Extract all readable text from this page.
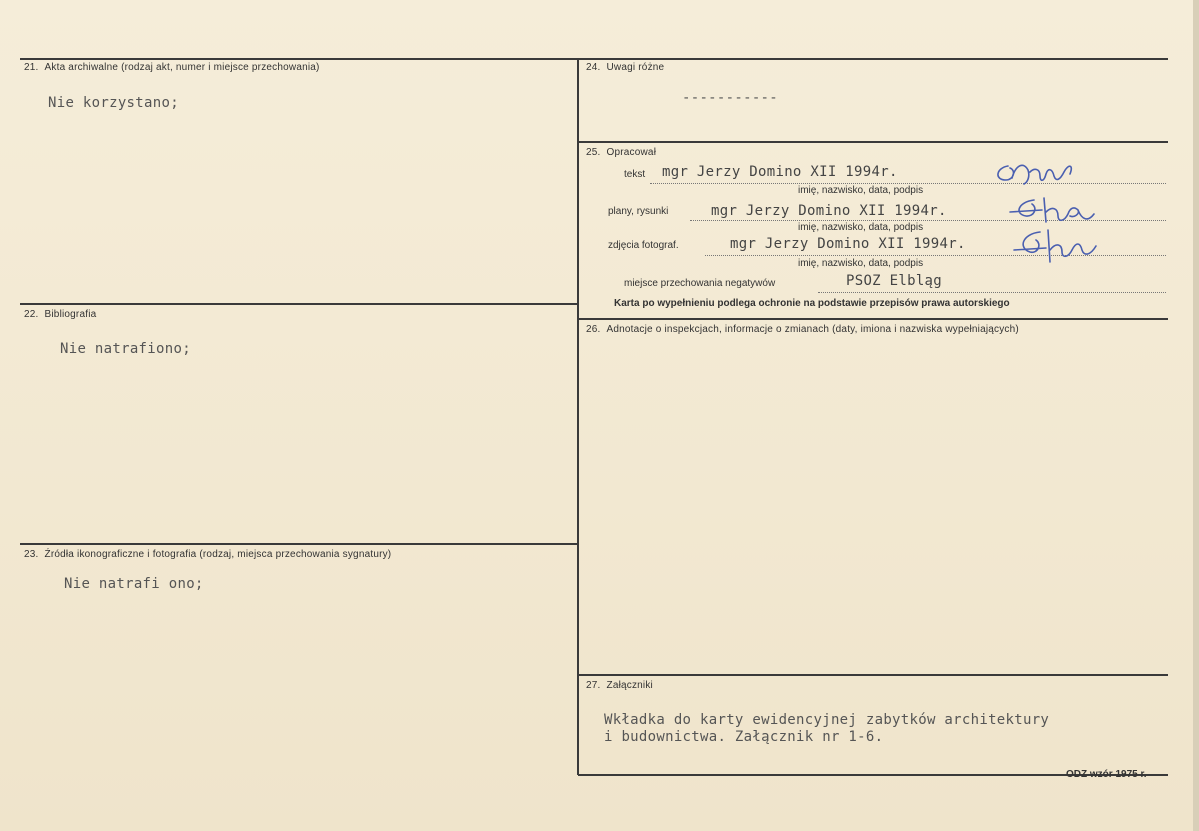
21. Akta archiwalne (rodzaj akt, numer i miejsce przechowania)
Nie korzystano;
22. Bibliografia
Nie natrafiono;
23. Źródła ikonograficzne i fotografia (rodzaj, miejsca przechowania sygnatury)
Nie natrafi ono;
24. Uwagi różne
-----------
25. Opracował
tekst mgr Jerzy Domino XII 1994r.
imię, nazwisko, data, podpis
plany, rysunki	mgr Jerzy Domino XII 1994r.
imię, nazwisko, data, podpis
zdjęcia fotograf.	mgr Jerzy Domino XII 1994r.
imię, nazwisko, data, podpis
miejsce przechowania negatywów	PSOZ Elbląg
Karta po wypełnieniu podlega ochronie na podstawie przepisów prawa autorskiego
26. Adnotacje o inspekcjach, informacje o zmianach (daty, imiona i nazwiska wypełniających)
27. Załączniki
Wkładka do karty ewidencyjnej zabytków architektury
i budownictwa. Załącznik nr 1-6.
ODZ wzór 1975 r.
